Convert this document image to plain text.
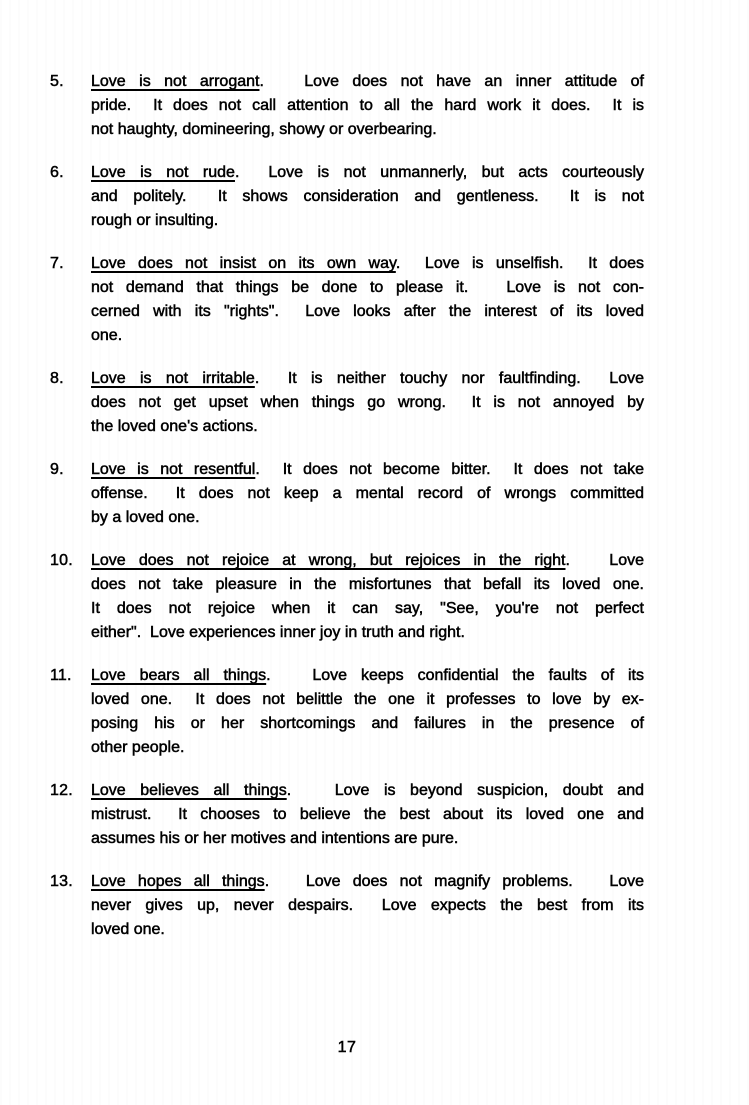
5.	Love is not arrogant.   Love does not have an inner attitude of
pride.  It does not call attention to all the hard work it does.  It is
not haughty, domineering, showy or overbearing.
6.	Love is not rude.  Love is not unmannerly, but acts courteously
and politely.  It shows consideration and gentleness.  It is not
rough or insulting.
7.	Love does not insist on its own way.  Love is unselfish.  It does
not demand that things be done to please it.   Love is not con-
cerned with its "rights".  Love looks after the interest of its loved
one.
8.	Love is not irritable.  It is neither touchy nor faultfinding.  Love
does not get upset when things go wrong.  It is not annoyed by
the loved one's actions.
9.	Love is not resentful.  It does not become bitter.  It does not take
offense.  It does not keep a mental record of wrongs committed
by a loved one.
10.	Love does not rejoice at wrong, but rejoices in the right.   Love
does not take pleasure in the misfortunes that befall its loved one.
It does not rejoice when it can say, "See, you're not perfect
either".  Love experiences inner joy in truth and right.
11.	Love bears all things.   Love keeps confidential the faults of its
loved one.  It does not belittle the one it professes to love by ex-
posing his or her shortcomings and failures in the presence of
other people.
12.	Love believes all things.   Love is beyond suspicion, doubt and
mistrust.  It chooses to believe the best about its loved one and
assumes his or her motives and intentions are pure.
13.	Love hopes all things.   Love does not magnify problems.   Love
never gives up, never despairs.  Love expects the best from its
loved one.
17
